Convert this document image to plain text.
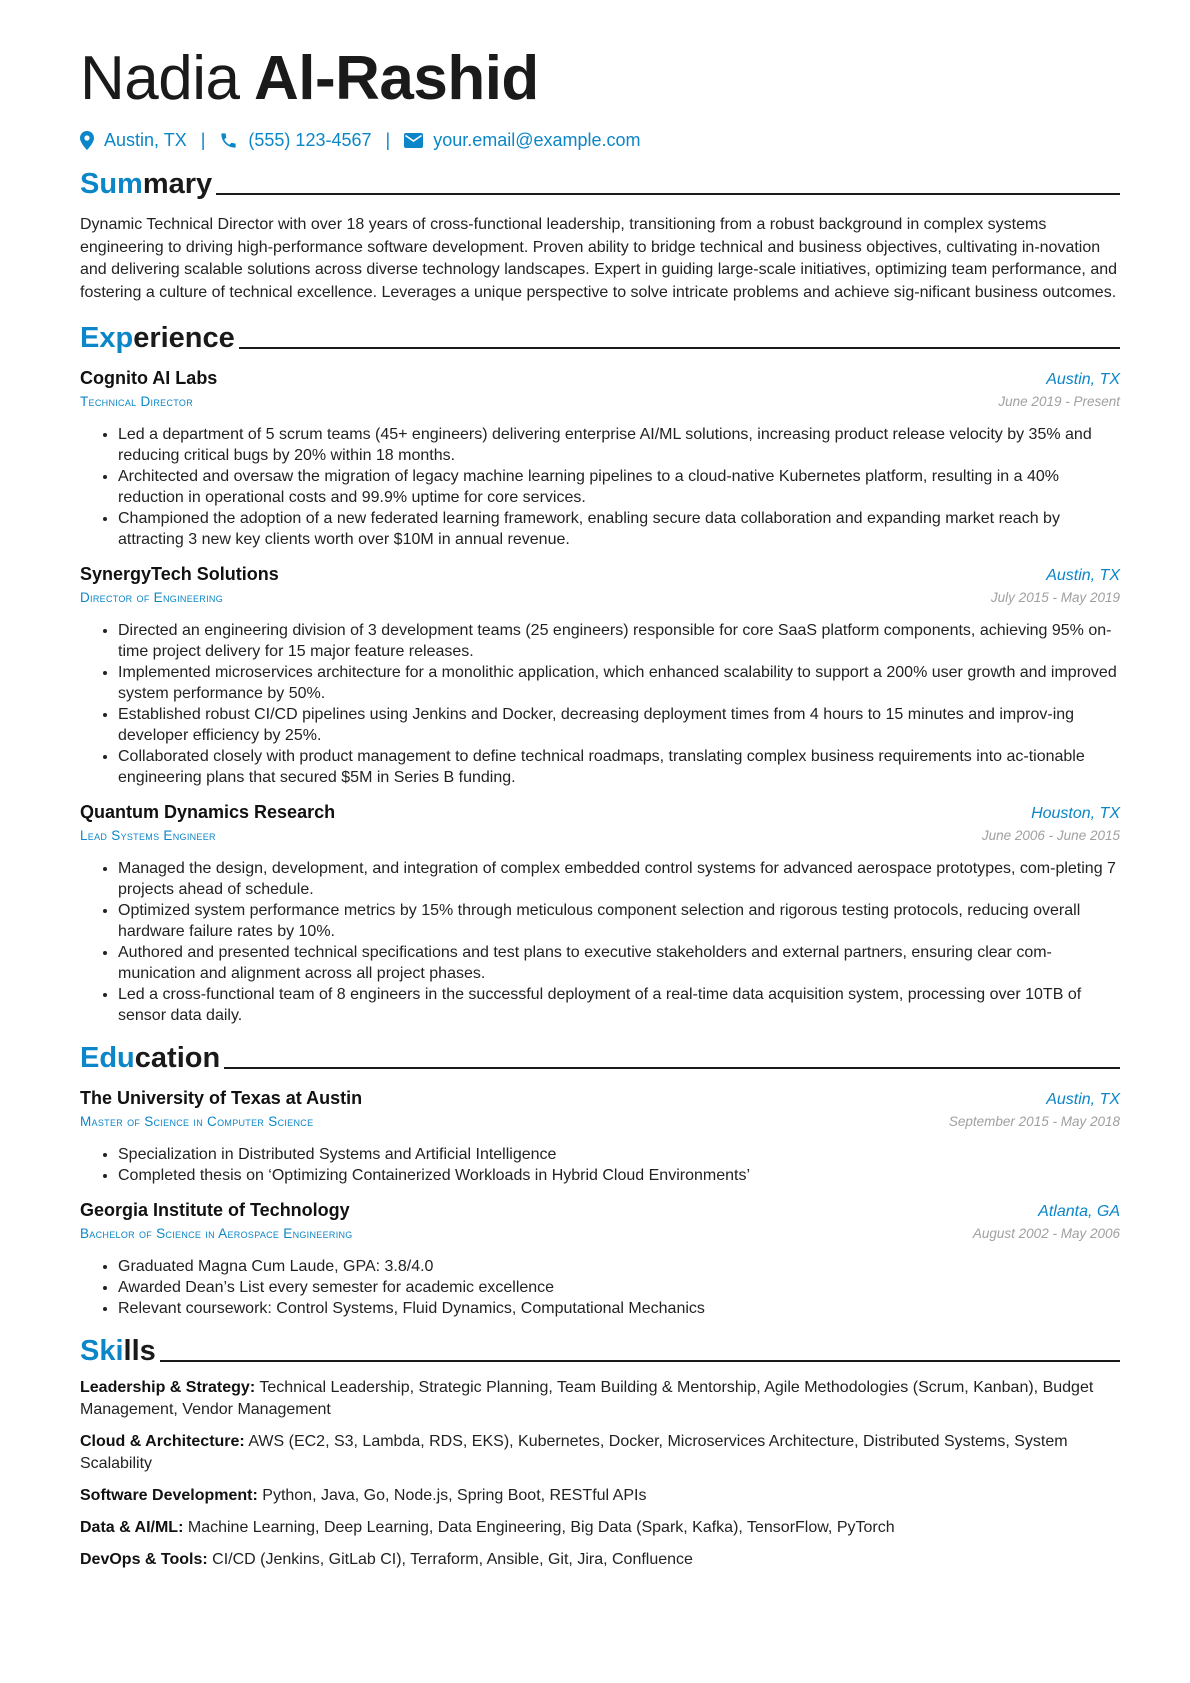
Nadia Al-Rashid
Austin, TX | (555) 123-4567 | your.email@example.com
Summary
Dynamic Technical Director with over 18 years of cross-functional leadership, transitioning from a robust background in complex systems engineering to driving high-performance software development. Proven ability to bridge technical and business objectives, cultivating in-novation and delivering scalable solutions across diverse technology landscapes. Expert in guiding large-scale initiatives, optimizing team performance, and fostering a culture of technical excellence. Leverages a unique perspective to solve intricate problems and achieve sig-nificant business outcomes.
Experience
Cognito AI Labs	Austin, TX
Technical Director	June 2019 - Present
• Led a department of 5 scrum teams (45+ engineers) delivering enterprise AI/ML solutions, increasing product release velocity by 35% and reducing critical bugs by 20% within 18 months.
• Architected and oversaw the migration of legacy machine learning pipelines to a cloud-native Kubernetes platform, resulting in a 40% reduction in operational costs and 99.9% uptime for core services.
• Championed the adoption of a new federated learning framework, enabling secure data collaboration and expanding market reach by attracting 3 new key clients worth over $10M in annual revenue.
SynergyTech Solutions	Austin, TX
Director of Engineering	July 2015 - May 2019
• Directed an engineering division of 3 development teams (25 engineers) responsible for core SaaS platform components, achieving 95% on-time project delivery for 15 major feature releases.
• Implemented microservices architecture for a monolithic application, which enhanced scalability to support a 200% user growth and improved system performance by 50%.
• Established robust CI/CD pipelines using Jenkins and Docker, decreasing deployment times from 4 hours to 15 minutes and improv-ing developer efficiency by 25%.
• Collaborated closely with product management to define technical roadmaps, translating complex business requirements into ac-tionable engineering plans that secured $5M in Series B funding.
Quantum Dynamics Research	Houston, TX
Lead Systems Engineer	June 2006 - June 2015
• Managed the design, development, and integration of complex embedded control systems for advanced aerospace prototypes, com-pleting 7 projects ahead of schedule.
• Optimized system performance metrics by 15% through meticulous component selection and rigorous testing protocols, reducing overall hardware failure rates by 10%.
• Authored and presented technical specifications and test plans to executive stakeholders and external partners, ensuring clear com-munication and alignment across all project phases.
• Led a cross-functional team of 8 engineers in the successful deployment of a real-time data acquisition system, processing over 10TB of sensor data daily.
Education
The University of Texas at Austin	Austin, TX
Master of Science in Computer Science	September 2015 - May 2018
• Specialization in Distributed Systems and Artificial Intelligence
• Completed thesis on ‘Optimizing Containerized Workloads in Hybrid Cloud Environments’
Georgia Institute of Technology	Atlanta, GA
Bachelor of Science in Aerospace Engineering	August 2002 - May 2006
• Graduated Magna Cum Laude, GPA: 3.8/4.0
• Awarded Dean’s List every semester for academic excellence
• Relevant coursework: Control Systems, Fluid Dynamics, Computational Mechanics
Skills
Leadership & Strategy: Technical Leadership, Strategic Planning, Team Building & Mentorship, Agile Methodologies (Scrum, Kanban), Budget Management, Vendor Management
Cloud & Architecture: AWS (EC2, S3, Lambda, RDS, EKS), Kubernetes, Docker, Microservices Architecture, Distributed Systems, System Scalability
Software Development: Python, Java, Go, Node.js, Spring Boot, RESTful APIs
Data & AI/ML: Machine Learning, Deep Learning, Data Engineering, Big Data (Spark, Kafka), TensorFlow, PyTorch
DevOps & Tools: CI/CD (Jenkins, GitLab CI), Terraform, Ansible, Git, Jira, Confluence
